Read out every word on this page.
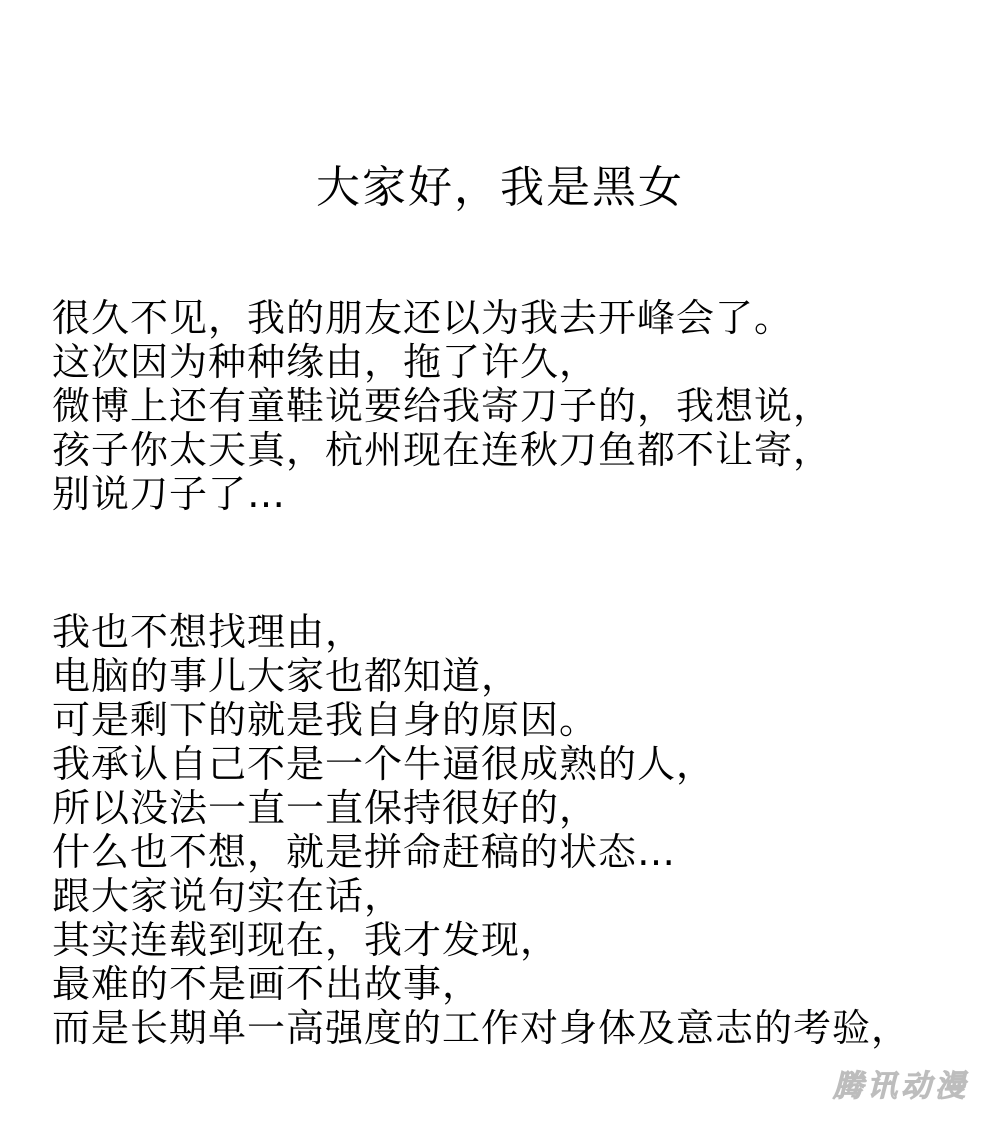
大家好，我是黑女
很久不见，我的朋友还以为我去开峰会了。
这次因为种种缘由，拖了许久，
微博上还有童鞋说要给我寄刀子的，我想说，
孩子你太天真，杭州现在连秋刀鱼都不让寄，
别说刀子了…
我也不想找理由，
电脑的事儿大家也都知道，
可是剩下的就是我自身的原因。
我承认自己不是一个牛逼很成熟的人，
所以没法一直一直保持很好的，
什么也不想，就是拼命赶稿的状态…
跟大家说句实在话，
其实连载到现在，我才发现，
最难的不是画不出故事，
而是长期单一高强度的工作对身体及意志的考验，
腾讯动漫
